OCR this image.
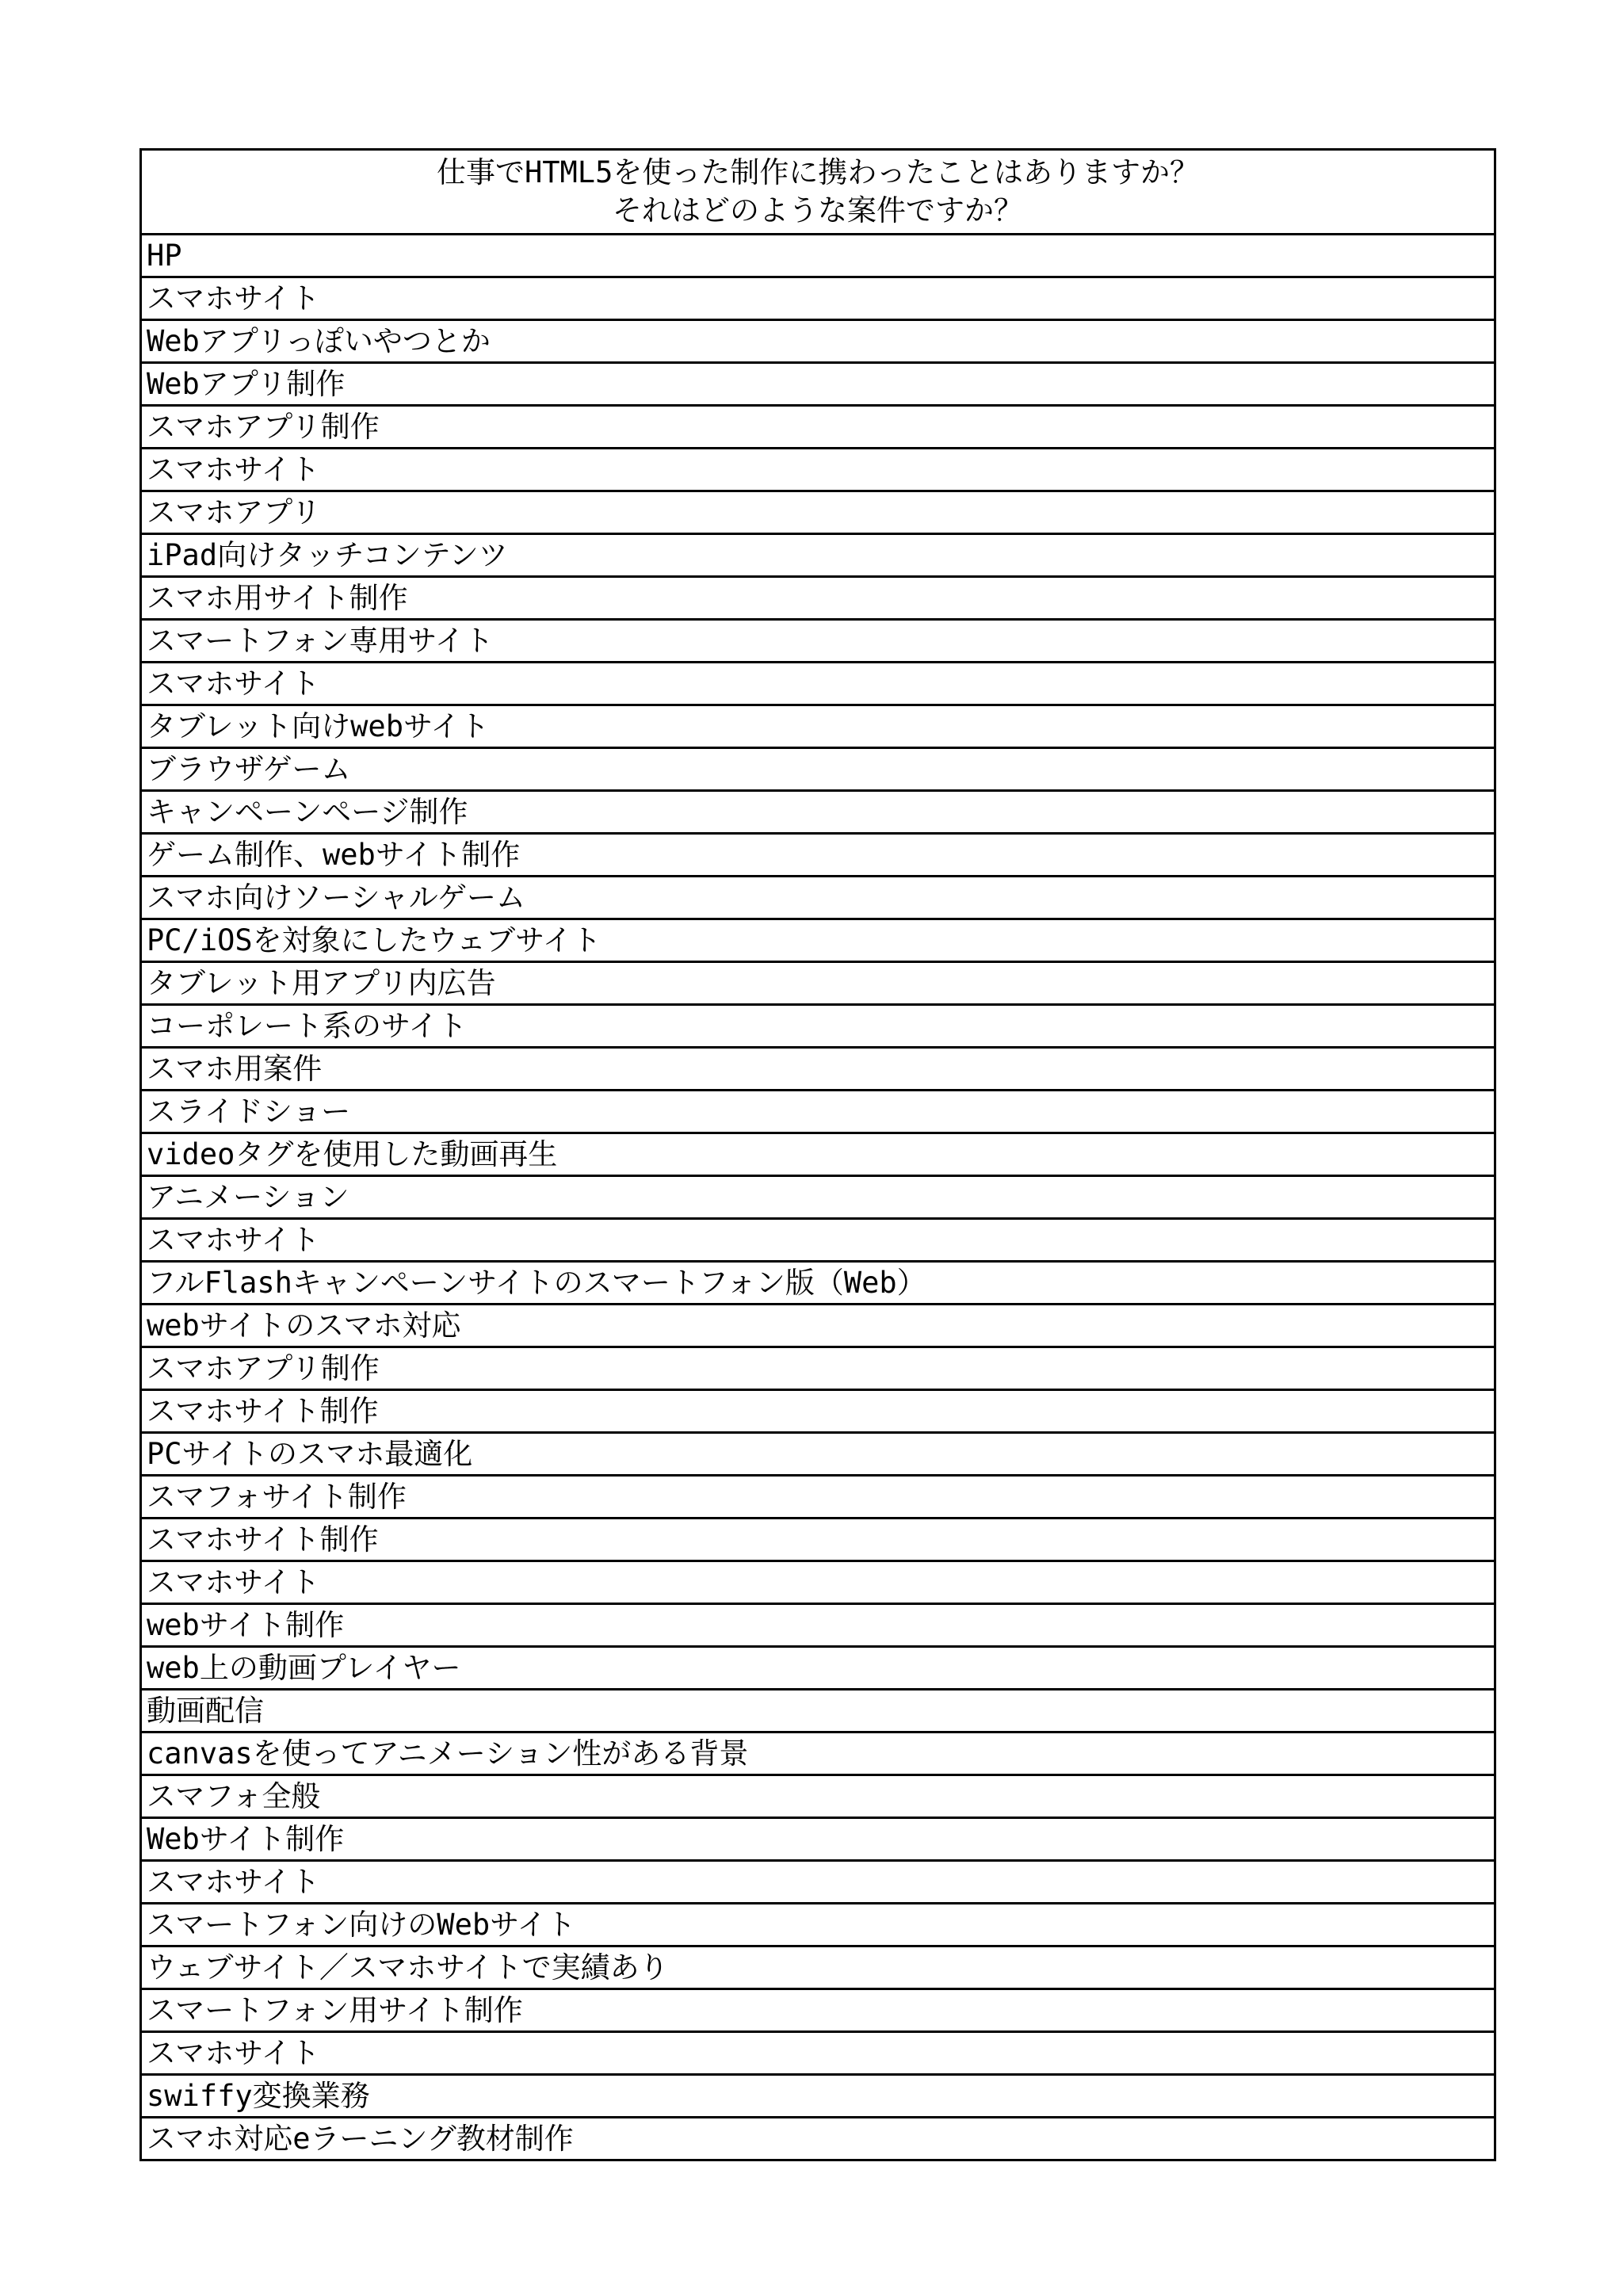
仕事でHTML5を使った制作に携わったことはありますか？
それはどのような案件ですか？

HP
スマホサイト
Webアプリっぽいやつとか
Webアプリ制作
スマホアプリ制作
スマホサイト
スマホアプリ
iPad向けタッチコンテンツ
スマホ用サイト制作
スマートフォン専用サイト
スマホサイト
タブレット向けwebサイト
ブラウザゲーム
キャンペーンページ制作
ゲーム制作、webサイト制作
スマホ向けソーシャルゲーム
PC/iOSを対象にしたウェブサイト
タブレット用アプリ内広告
コーポレート系のサイト
スマホ用案件
スライドショー
videoタグを使用した動画再生
アニメーション
スマホサイト
フルFlashキャンペーンサイトのスマートフォン版（Web）
webサイトのスマホ対応
スマホアプリ制作
スマホサイト制作
PCサイトのスマホ最適化
スマフォサイト制作
スマホサイト制作
スマホサイト
webサイト制作
web上の動画プレイヤー
動画配信
canvasを使ってアニメーション性がある背景
スマフォ全般
Webサイト制作
スマホサイト
スマートフォン向けのWebサイト
ウェブサイト／スマホサイトで実績あり
スマートフォン用サイト制作
スマホサイト
swiffy変換業務
スマホ対応eラーニング教材制作
